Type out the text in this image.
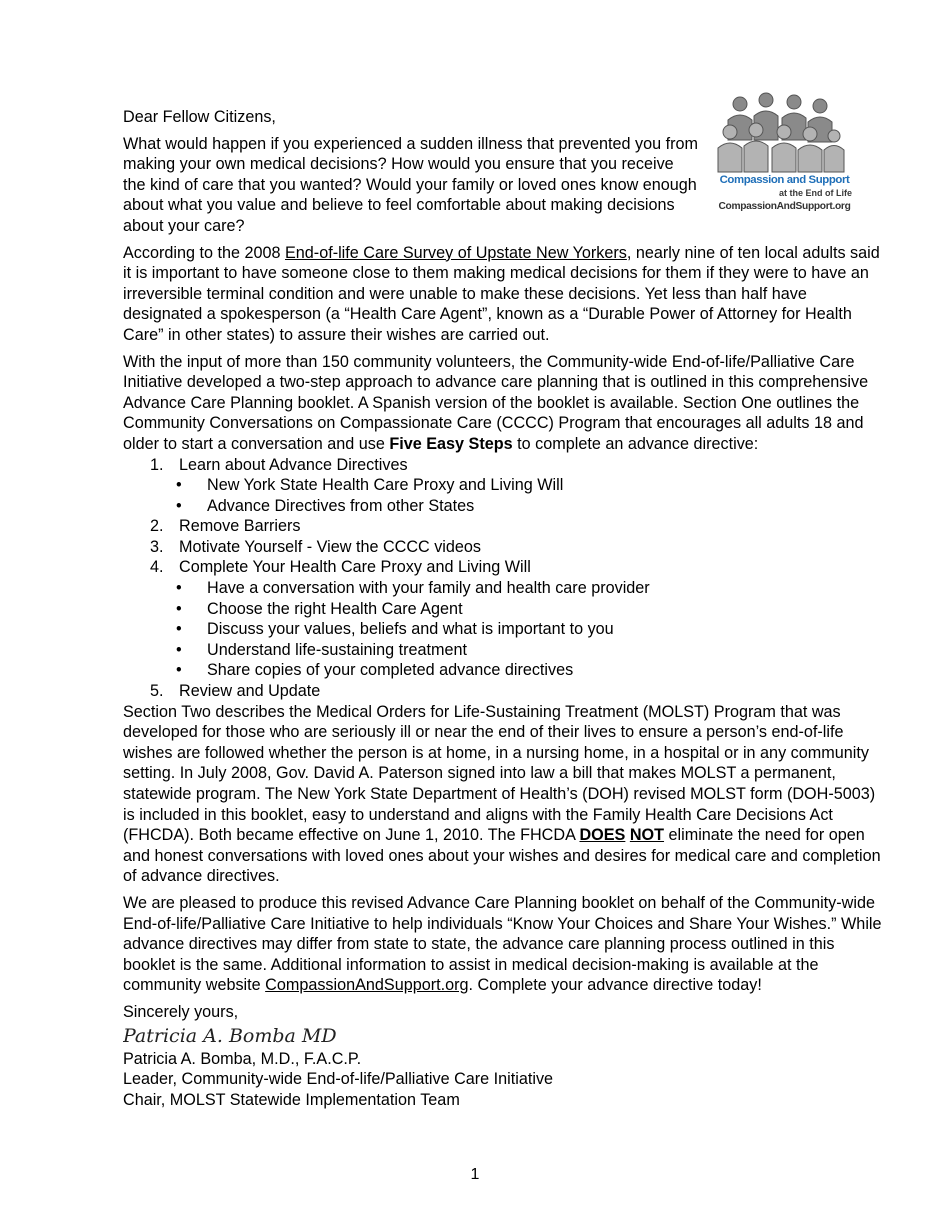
Compassion and Support
at the End of Life
CompassionAndSupport.org

Dear Fellow Citizens,

What would happen if you experienced a sudden illness that prevented you from making your own medical decisions? How would you ensure that you receive the kind of care that you wanted? Would your family or loved ones know enough about what you value and believe to feel comfortable about making decisions about your care?

According to the 2008 End-of-life Care Survey of Upstate New Yorkers, nearly nine of ten local adults said it is important to have someone close to them making medical decisions for them if they were to have an irreversible terminal condition and were unable to make these decisions. Yet less than half have designated a spokesperson (a “Health Care Agent”, known as a “Durable Power of Attorney for Health Care” in other states) to assure their wishes are carried out.

With the input of more than 150 community volunteers, the Community-wide End-of-life/Palliative Care Initiative developed a two-step approach to advance care planning that is outlined in this comprehensive Advance Care Planning booklet. A Spanish version of the booklet is available. Section One outlines the Community Conversations on Compassionate Care (CCCC) Program that encourages all adults 18 and older to start a conversation and use Five Easy Steps to complete an advance directive:

1. Learn about Advance Directives
• New York State Health Care Proxy and Living Will
• Advance Directives from other States
2. Remove Barriers
3. Motivate Yourself - View the CCCC videos
4. Complete Your Health Care Proxy and Living Will
• Have a conversation with your family and health care provider
• Choose the right Health Care Agent
• Discuss your values, beliefs and what is important to you
• Understand life-sustaining treatment
• Share copies of your completed advance directives
5. Review and Update

Section Two describes the Medical Orders for Life-Sustaining Treatment (MOLST) Program that was developed for those who are seriously ill or near the end of their lives to ensure a person’s end-of-life wishes are followed whether the person is at home, in a nursing home, in a hospital or in any community setting. In July 2008, Gov. David A. Paterson signed into law a bill that makes MOLST a permanent, statewide program. The New York State Department of Health’s (DOH) revised MOLST form (DOH-5003) is included in this booklet, easy to understand and aligns with the Family Health Care Decisions Act (FHCDA). Both became effective on June 1, 2010. The FHCDA DOES NOT eliminate the need for open and honest conversations with loved ones about your wishes and desires for medical care and completion of advance directives.

We are pleased to produce this revised Advance Care Planning booklet on behalf of the Community-wide End-of-life/Palliative Care Initiative to help individuals “Know Your Choices and Share Your Wishes.” While advance directives may differ from state to state, the advance care planning process outlined in this booklet is the same. Additional information to assist in medical decision-making is available at the community website CompassionAndSupport.org. Complete your advance directive today!

Sincerely yours,
Patricia A. Bomba MD
Patricia A. Bomba, M.D., F.A.C.P.
Leader, Community-wide End-of-life/Palliative Care Initiative
Chair, MOLST Statewide Implementation Team
1
